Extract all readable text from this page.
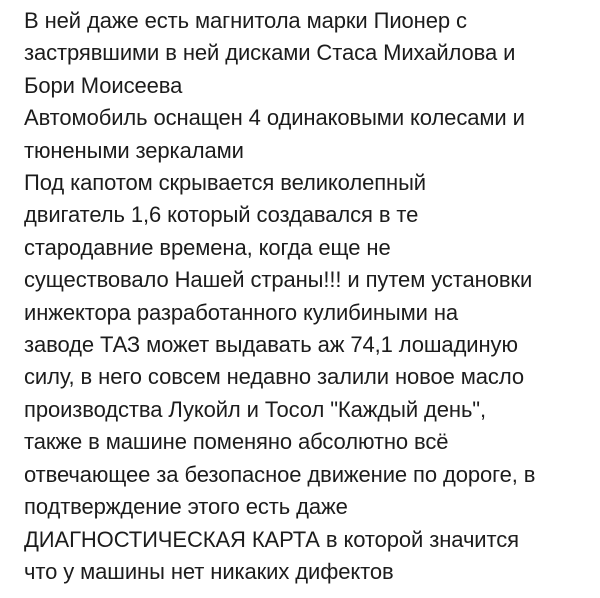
В ней даже есть магнитола марки Пионер с
застрявшими в ней дисками Стаса Михайлова и
Бори Моисеева
Автомобиль оснащен 4 одинаковыми колесами и
тюнеными зеркалами
Под капотом скрывается великолепный
двигатель 1,6 который создавался в те
стародавние времена, когда еще не
существовало Нашей страны!!! и путем установки
инжектора разработанного кулибиными на
заводе ТАЗ может выдавать аж 74,1 лошадиную
силу, в него совсем недавно залили новое масло
производства Лукойл и Тосол "Каждый день",
также в машине поменяно абсолютно всё
отвечающее за безопасное движение по дороге, в
подтверждение этого есть даже
ДИАГНОСТИЧЕСКАЯ КАРТА в которой значится
что у машины нет никаких дифектов
